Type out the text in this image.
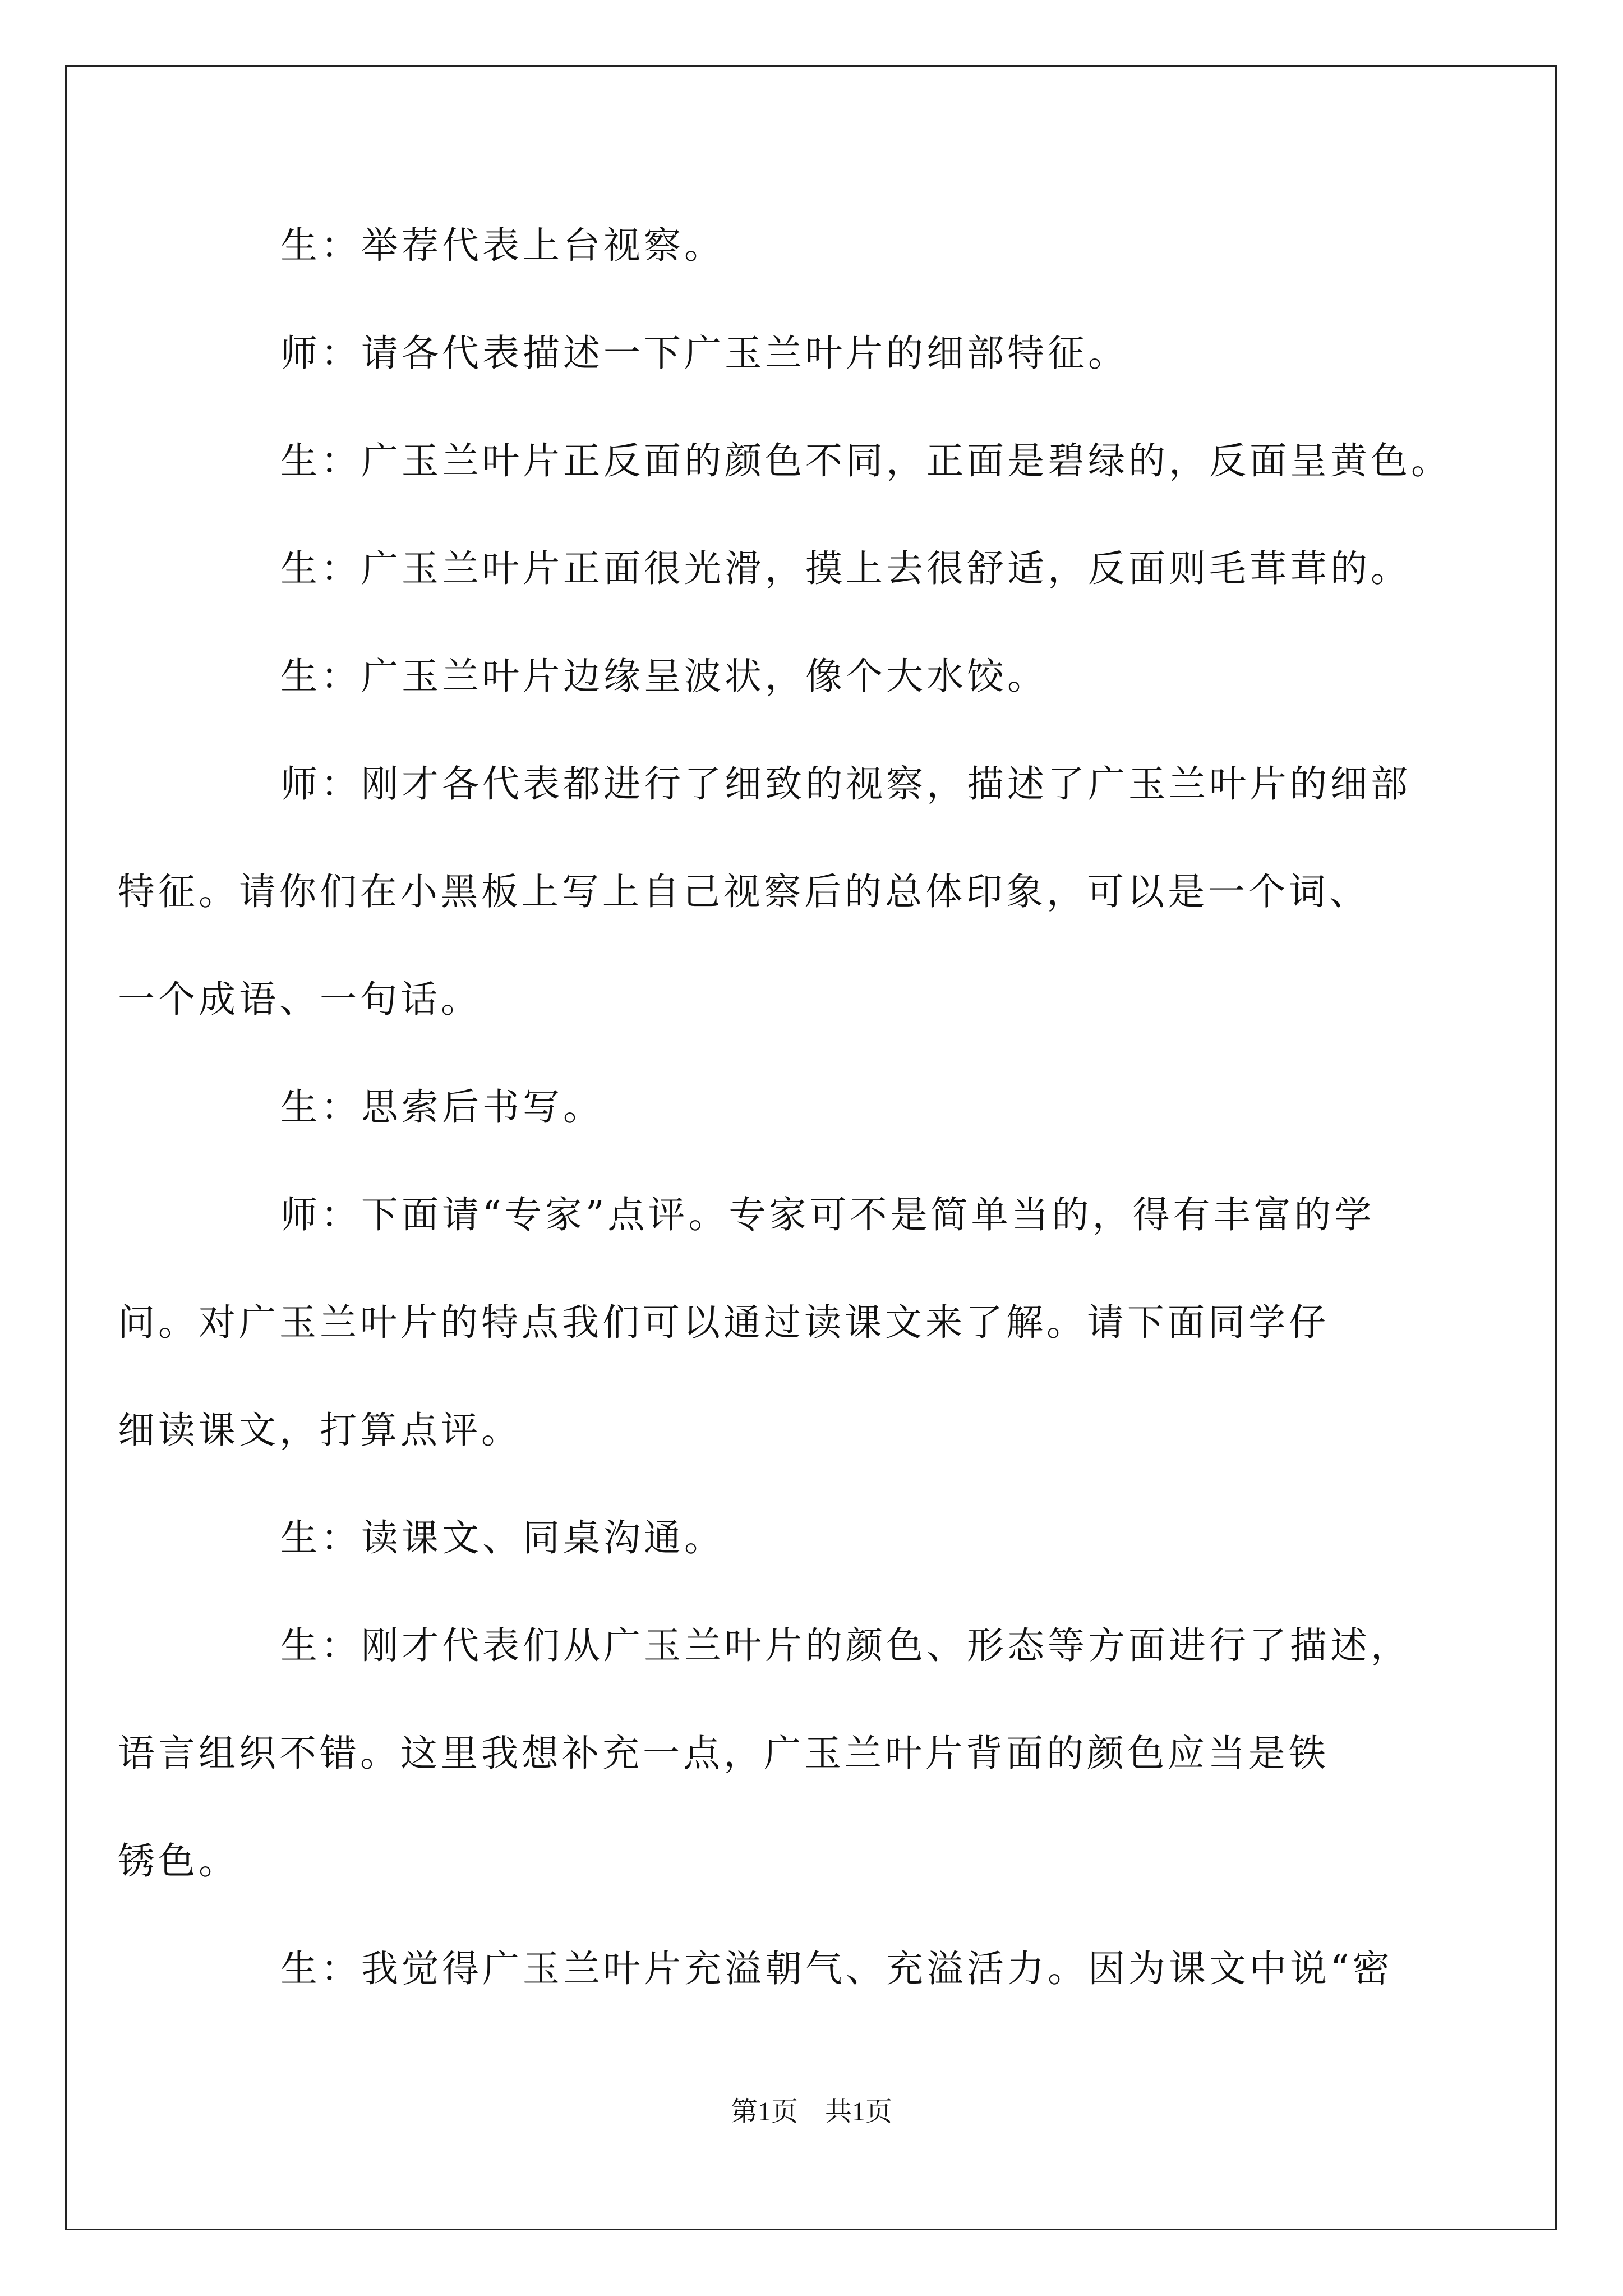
生：举荐代表上台视察。

师：请各代表描述一下广玉兰叶片的细部特征。

生：广玉兰叶片正反面的颜色不同，正面是碧绿的，反面呈黄色。

生：广玉兰叶片正面很光滑，摸上去很舒适，反面则毛茸茸的。

生：广玉兰叶片边缘呈波状，像个大水饺。

师：刚才各代表都进行了细致的视察，描述了广玉兰叶片的细部
特征。请你们在小黑板上写上自己视察后的总体印象，可以是一个词、
一个成语、一句话。

生：思索后书写。

师：下面请“专家”点评。专家可不是简单当的，得有丰富的学
问。对广玉兰叶片的特点我们可以通过读课文来了解。请下面同学仔
细读课文，打算点评。

生：读课文、同桌沟通。

生：刚才代表们从广玉兰叶片的颜色、形态等方面进行了描述，
语言组织不错。这里我想补充一点，广玉兰叶片背面的颜色应当是铁
锈色。

生：我觉得广玉兰叶片充溢朝气、充溢活力。因为课文中说“密

第1页 共1页
